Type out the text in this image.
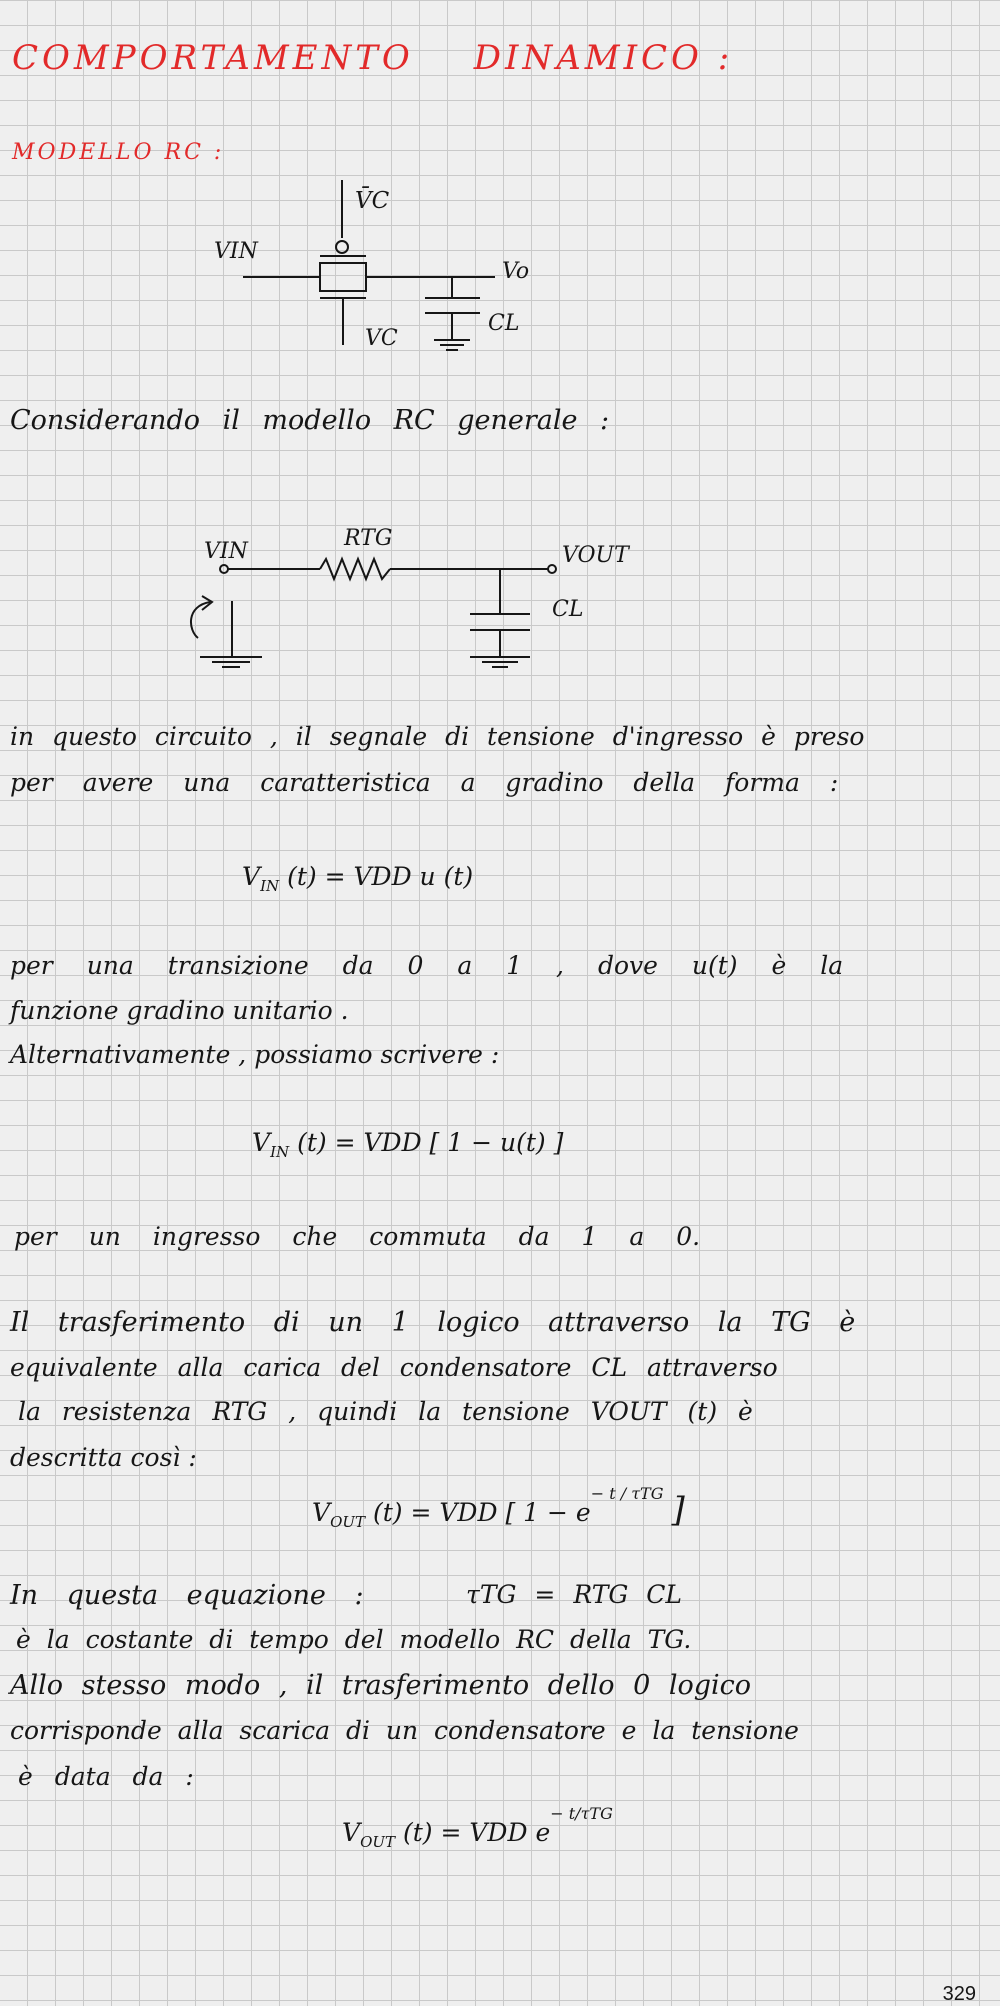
COMPORTAMENTO DINAMICO :
MODELLO RC :
V̄C
VIN
Vo
CL
VC
Considerando il modello RC generale :
VIN
RTG
VOUT
CL
in questo circuito , il segnale di tensione d'ingresso è preso
per avere una caratteristica a gradino della forma :
$V_{IN}$ (t) = VDD u (t)
per una transizione da 0 a 1 , dove u(t) è la
funzione gradino unitario .
Alternativamente , possiamo scrivere :
$V_{IN}$ (t) = VDD [ 1 − u(t) ]
per un ingresso che commuta da 1 a 0.
Il trasferimento di un 1 logico attraverso la TG è
equivalente alla carica del condensatore CL attraverso
la resistenza RTG , quindi la tensione VOUT (t) è
descritta così :
$V_{OUT}$ (t) = VDD [ $1 - e^{- t / \tau TG}$ ]
In questa equazione :	τTG = RTG CL
è la costante di tempo del modello RC della TG.
Allo stesso modo , il trasferimento dello 0 logico
corrisponde alla scarica di un condensatore e la tensione
è data da :
$V_{OUT}$ (t) = VDD $e^{- t/\tau TG}$
329
